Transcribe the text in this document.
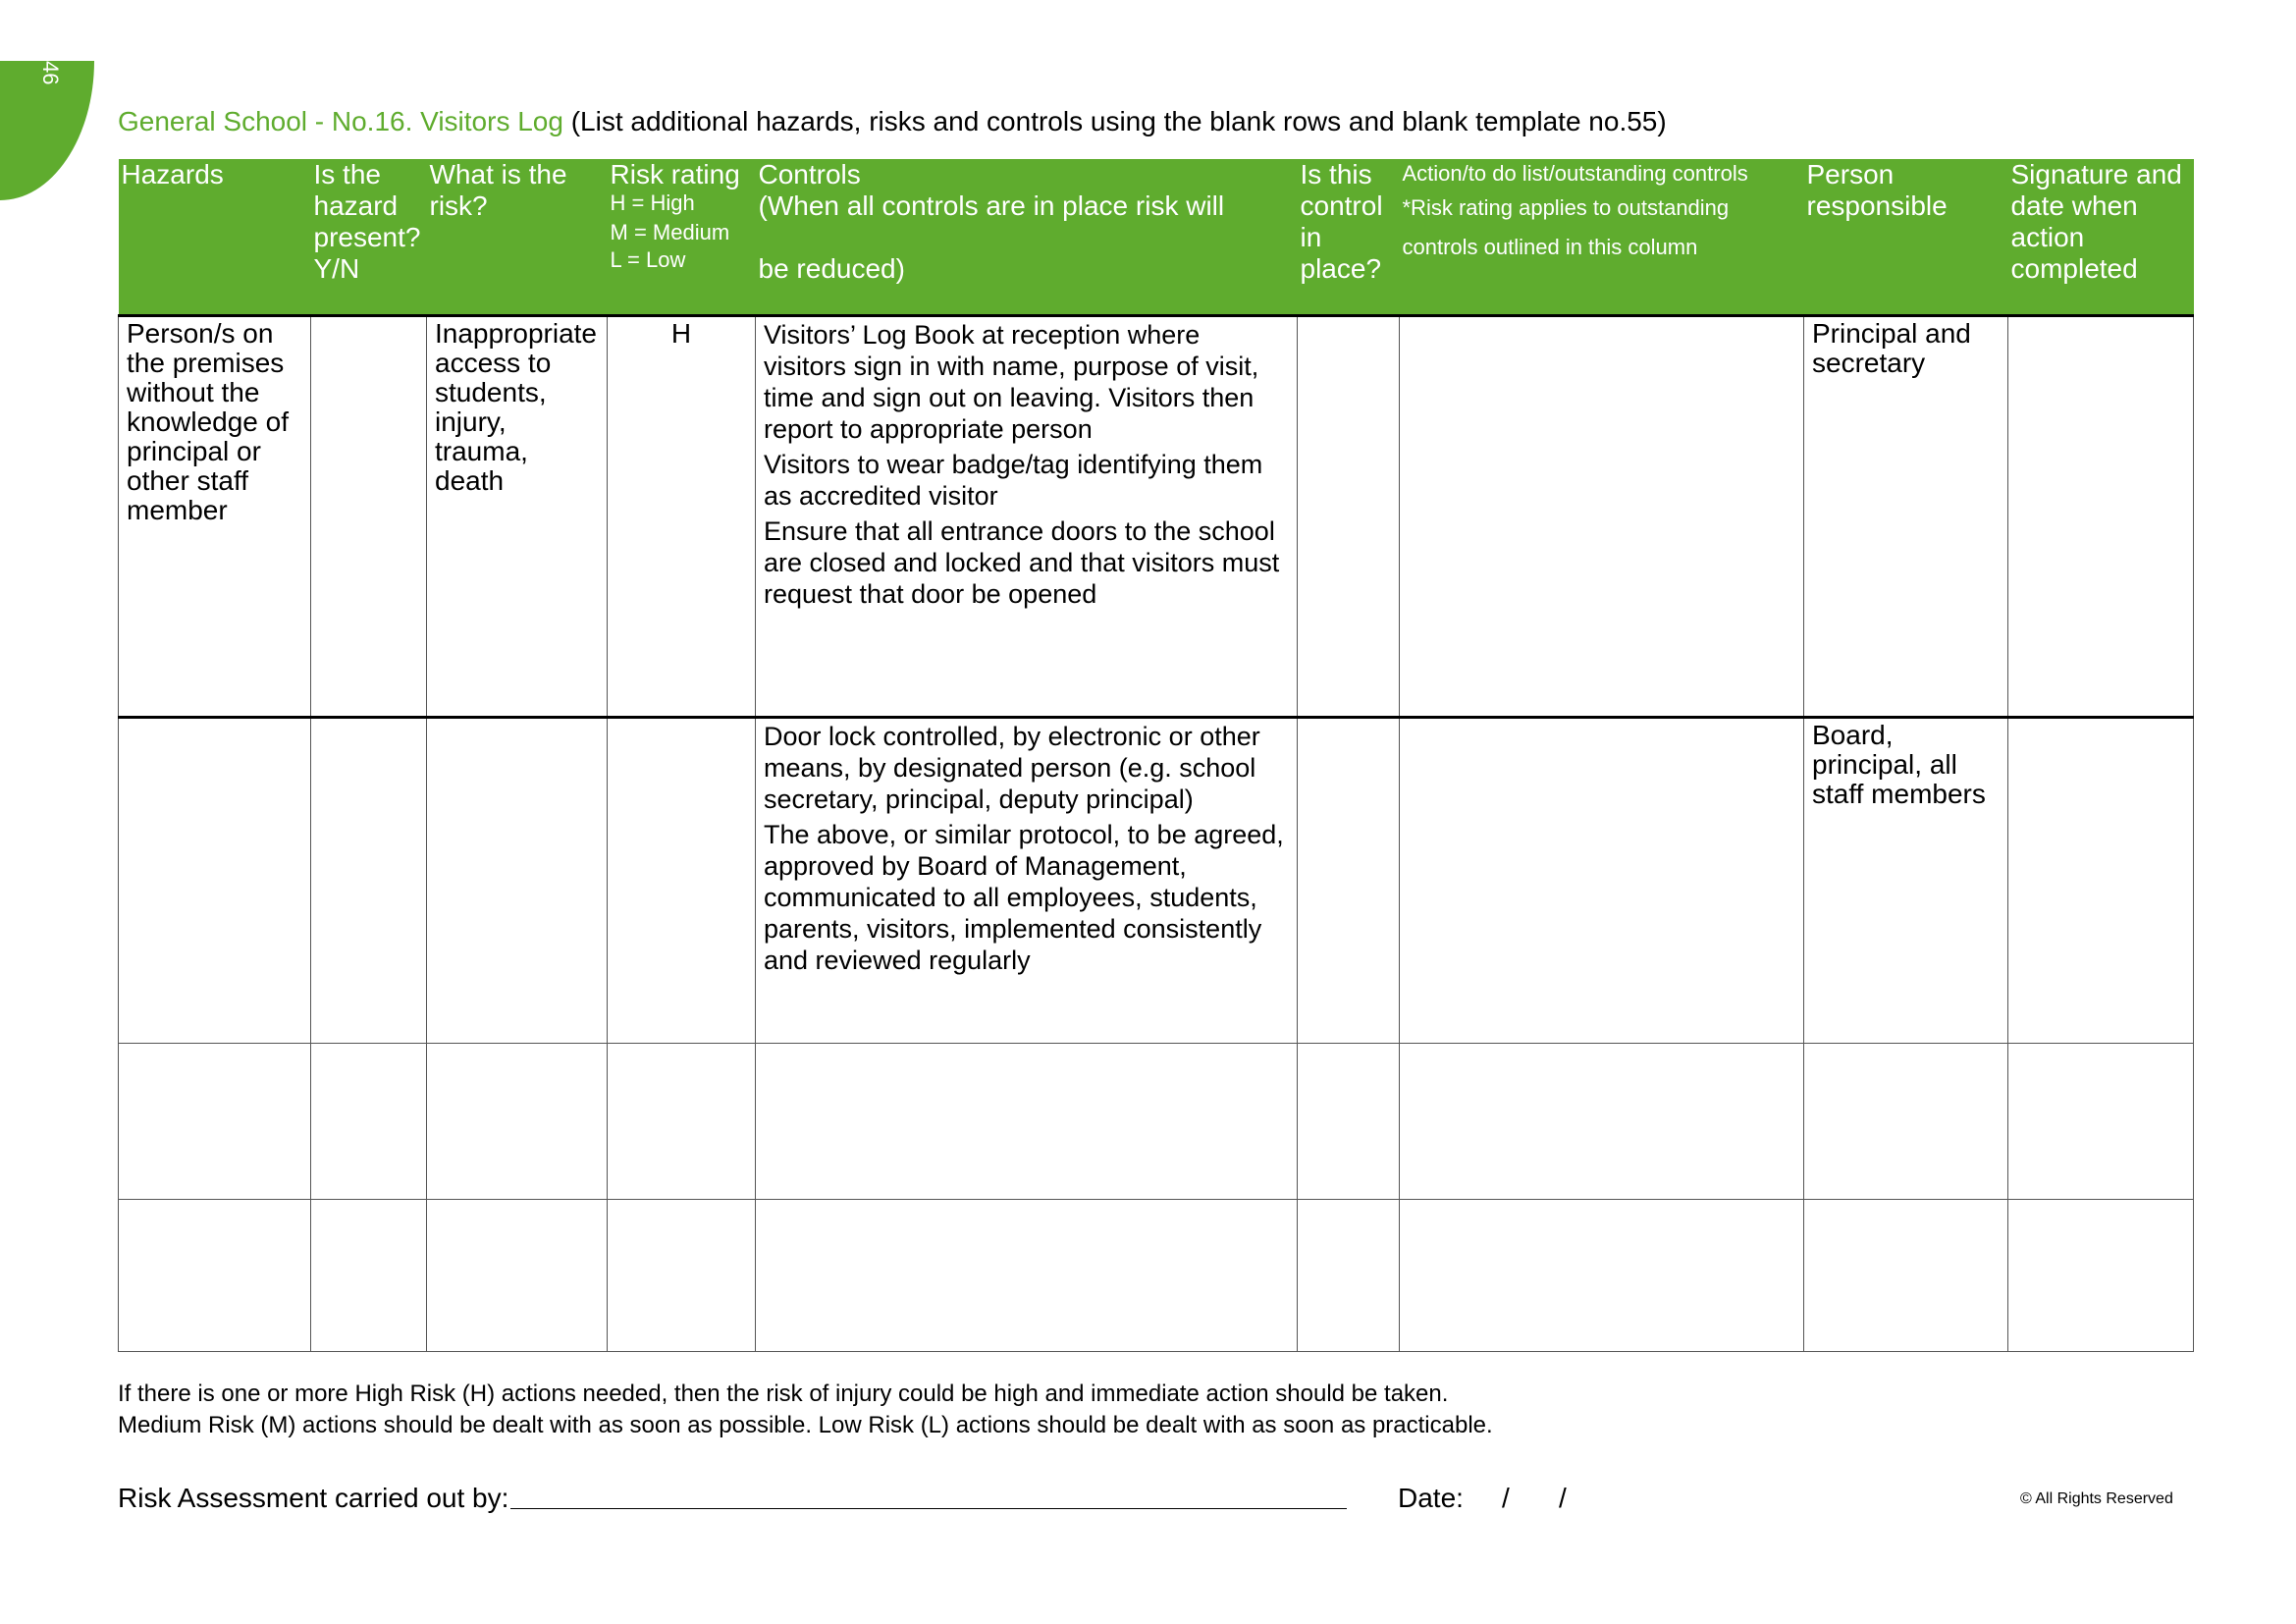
46
General School - No.16. Visitors Log (List additional hazards, risks and controls using the blank rows and blank template no.55)
Hazards	Is the hazard present? Y/N	What is the risk?	Risk rating
H = High
M = Medium
L = Low	Controls
(When all controls are in place risk will
be reduced)	Is this control in place?	Action/to do list/outstanding controls
*Risk rating applies to outstanding
controls outlined in this column	Person responsible	Signature and date when action completed
Person/s on the premises without the knowledge of principal or other staff member		Inappropriate access to students, injury, trauma, death	H	Visitors’ Log Book at reception where visitors sign in with name, purpose of visit, time and sign out on leaving. Visitors then report to appropriate person
Visitors to wear badge/tag identifying them as accredited visitor
Ensure that all entrance doors to the school are closed and locked and that visitors must request that door be opened			Principal and secretary	

				Door lock controlled, by electronic or other means, by designated person (e.g. school secretary, principal, deputy principal)
The above, or similar protocol, to be agreed, approved by Board of Management, communicated to all employees, students, parents, visitors, implemented consistently and reviewed regularly			Board, principal, all staff members	

If there is one or more High Risk (H) actions needed, then the risk of injury could be high and immediate action should be taken.
Medium Risk (M) actions should be dealt with as soon as possible. Low Risk (L) actions should be dealt with as soon as practicable.
Risk Assessment carried out by:	Date: / /	© All Rights Reserved
